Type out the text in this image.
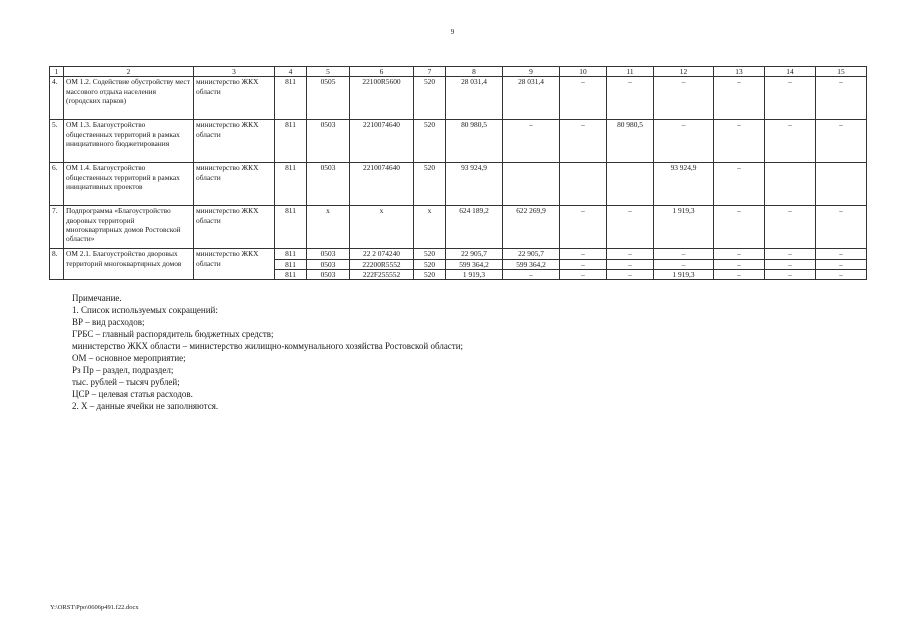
9
1	2	3	4	5	6	7	8	9	10	11	12	13	14	15
4.	ОМ 1.2. Содействие обустройству мест массового отдыха населения (городских парков)	министерство ЖКХ области	811	0505	22100R5600	520	28 031,4	28 031,4	–	–	–	–	–	–
5.	ОМ 1.3. Благоустройство общественных территорий в рамках инициативного бюджетирования	министерство ЖКХ области	811	0503	2210074640	520	80 980,5	–	–	80 980,5	–	–	–	–
6.	ОМ 1.4. Благоустройство общественных территорий в рамках инициативных проектов	министерство ЖКХ области	811	0503	2210074640	520	93 924,9				93 924,9	–		
7.	Подпрограмма «Благоустройство дворовых территорий многоквартирных домов Ростовской области»	министерство ЖКХ области	811	х	х	х	624 189,2	622 269,9	–	–	1 919,3	–	–	–
8.	ОМ 2.1. Благоустройство дворовых территорий многоквартирных домов	министерство ЖКХ области	811	0503	22 2 074240	520	22 905,7	22 905,7	–	–	–	–	–	–
			811	0503	22200R5552	520	599 364,2	599 364,2	–	–	–	–	–	–
			811	0503	222F255552	520	1 919,3	–	–	–	1 919,3	–	–	–
Примечание.
1. Список используемых сокращений:
ВР – вид расходов;
ГРБС – главный распорядитель бюджетных средств;
министерство ЖКХ области – министерство жилищно-коммунального хозяйства Ростовской области;
ОМ – основное мероприятие;
Рз Пр – раздел, подраздел;
тыс. рублей – тысяч рублей;
ЦСР – целевая статья расходов.
2. Х – данные ячейки не заполняются.
Y:\ORST\Ppo\0606p491.f22.docx
